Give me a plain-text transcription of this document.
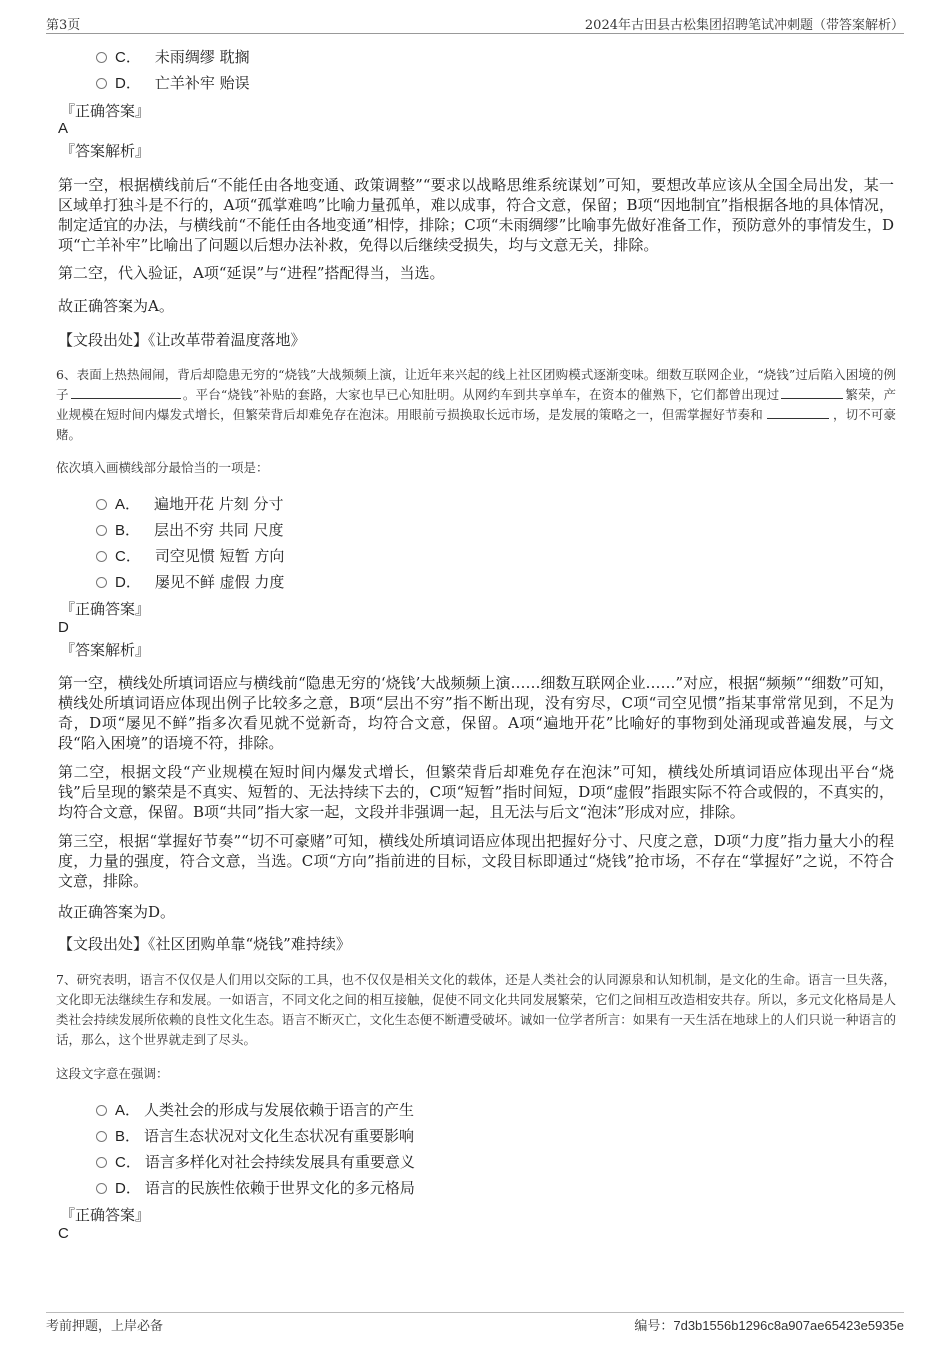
第3页	2024年古田县古松集团招聘笔试冲刺题（带答案解析）
C． 未雨绸缪 耽搁
D． 亡羊补牢 贻误
『正确答案』
A
『答案解析』
第一空，根据横线前后“不能任由各地变通、政策调整”“要求以战略思维系统谋划”可知，要想改革应该从全国全局出发，某一区域单打独斗是不行的，A项“孤掌难鸣”比喻力量孤单，难以成事，符合文意，保留；B项“因地制宜”指根据各地的具体情况，制定适宜的办法，与横线前“不能任由各地变通”相悖，排除；C项“未雨绸缪”比喻事先做好准备工作，预防意外的事情发生，D项“亡羊补牢”比喻出了问题以后想办法补救，免得以后继续受损失，均与文意无关，排除。
第二空，代入验证，A项“延误”与“进程”搭配得当，当选。
故正确答案为A。
【文段出处】《让改革带着温度落地》
6、表面上热热闹闹，背后却隐患无穷的“烧钱”大战频频上演，让近年来兴起的线上社区团购模式逐渐变味。细数互联网企业，“烧钱”过后陷入困境的例子	。平台“烧钱”补贴的套路，大家也早已心知肚明。从网约车到共享单车，在资本的催熟下，它们都曾出现过	繁荣，产业规模在短时间内爆发式增长，但繁荣背后却难免存在泡沫。用眼前亏损换取长远市场，是发展的策略之一，但需掌握好节奏和	，切不可豪赌。
依次填入画横线部分最恰当的一项是：
A． 遍地开花 片刻 分寸
B． 层出不穷 共同 尺度
C． 司空见惯 短暂 方向
D． 屡见不鲜 虚假 力度
『正确答案』
D
『答案解析』
第一空，横线处所填词语应与横线前“隐患无穷的‘烧钱’大战频频上演……细数互联网企业……”对应，根据“频频”“细数”可知，横线处所填词语应体现出例子比较多之意，B项“层出不穷”指不断出现，没有穷尽，C项“司空见惯”指某事常常见到，不足为奇，D项“屡见不鲜”指多次看见就不觉新奇，均符合文意，保留。A项“遍地开花”比喻好的事物到处涌现或普遍发展，与文段“陷入困境”的语境不符，排除。
第二空，根据文段“产业规模在短时间内爆发式增长，但繁荣背后却难免存在泡沫”可知，横线处所填词语应体现出平台“烧钱”后呈现的繁荣是不真实、短暂的、无法持续下去的，C项“短暂”指时间短，D项“虚假”指跟实际不符合或假的，不真实的，均符合文意，保留。B项“共同”指大家一起，文段并非强调一起，且无法与后文“泡沫”形成对应，排除。
第三空，根据“掌握好节奏”“切不可豪赌”可知，横线处所填词语应体现出把握好分寸、尺度之意，D项“力度”指力量大小的程度，力量的强度，符合文意，当选。C项“方向”指前进的目标，文段目标即通过“烧钱”抢市场，不存在“掌握好”之说，不符合文意，排除。
故正确答案为D。
【文段出处】《社区团购单靠“烧钱”难持续》
7、研究表明，语言不仅仅是人们用以交际的工具，也不仅仅是相关文化的载体，还是人类社会的认同源泉和认知机制，是文化的生命。语言一旦失落，文化即无法继续生存和发展。一如语言，不同文化之间的相互接触，促使不同文化共同发展繁荣，它们之间相互改造相安共存。所以，多元文化格局是人类社会持续发展所依赖的良性文化生态。语言不断灭亡，文化生态便不断遭受破坏。诚如一位学者所言：如果有一天生活在地球上的人们只说一种语言的话，那么，这个世界就走到了尽头。
这段文字意在强调：
A． 人类社会的形成与发展依赖于语言的产生
B． 语言生态状况对文化生态状况有重要影响
C． 语言多样化对社会持续发展具有重要意义
D． 语言的民族性依赖于世界文化的多元格局
『正确答案』
C
考前押题，上岸必备	编号：7d3b1556b1296c8a907ae65423e5935e
